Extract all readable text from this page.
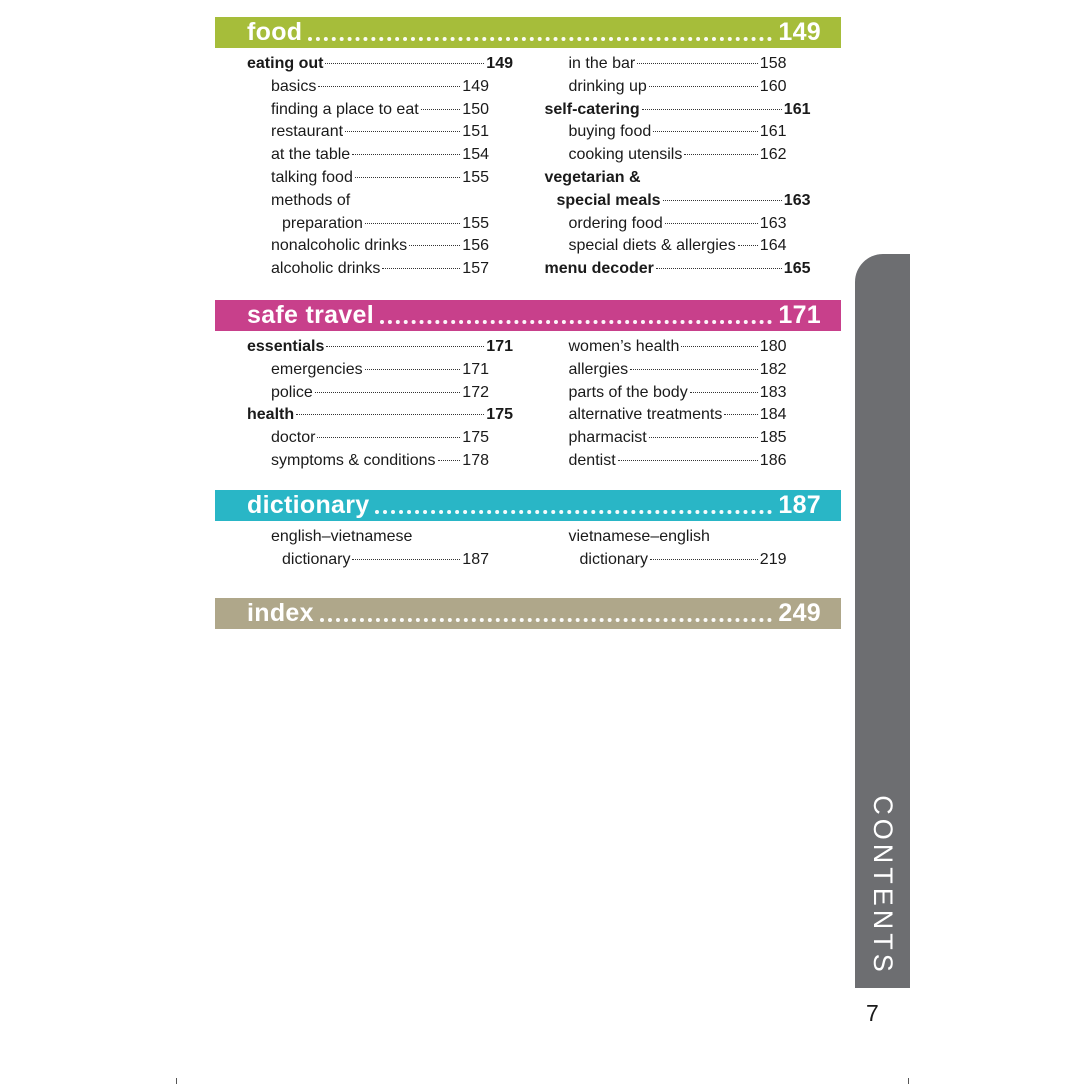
food	149
eating out	149
basics	149
finding a place to eat	150
restaurant	151
at the table	154
talking food	155
methods of
preparation	155
nonalcoholic drinks	156
alcoholic drinks	157
in the bar	158
drinking up	160
self-catering	161
buying food	161
cooking utensils	162
vegetarian &
special meals	163
ordering food	163
special diets & allergies 164
menu decoder	165
safe travel	171
essentials	171
emergencies	171
police	172
health	175
doctor	175
symptoms & conditions 178
women’s health	180
allergies	182
parts of the body	183
alternative treatments 184
pharmacist	185
dentist	186
dictionary	187
english–vietnamese
dictionary	187
vietnamese–english
dictionary	219
index	249
CONTENTS
7
